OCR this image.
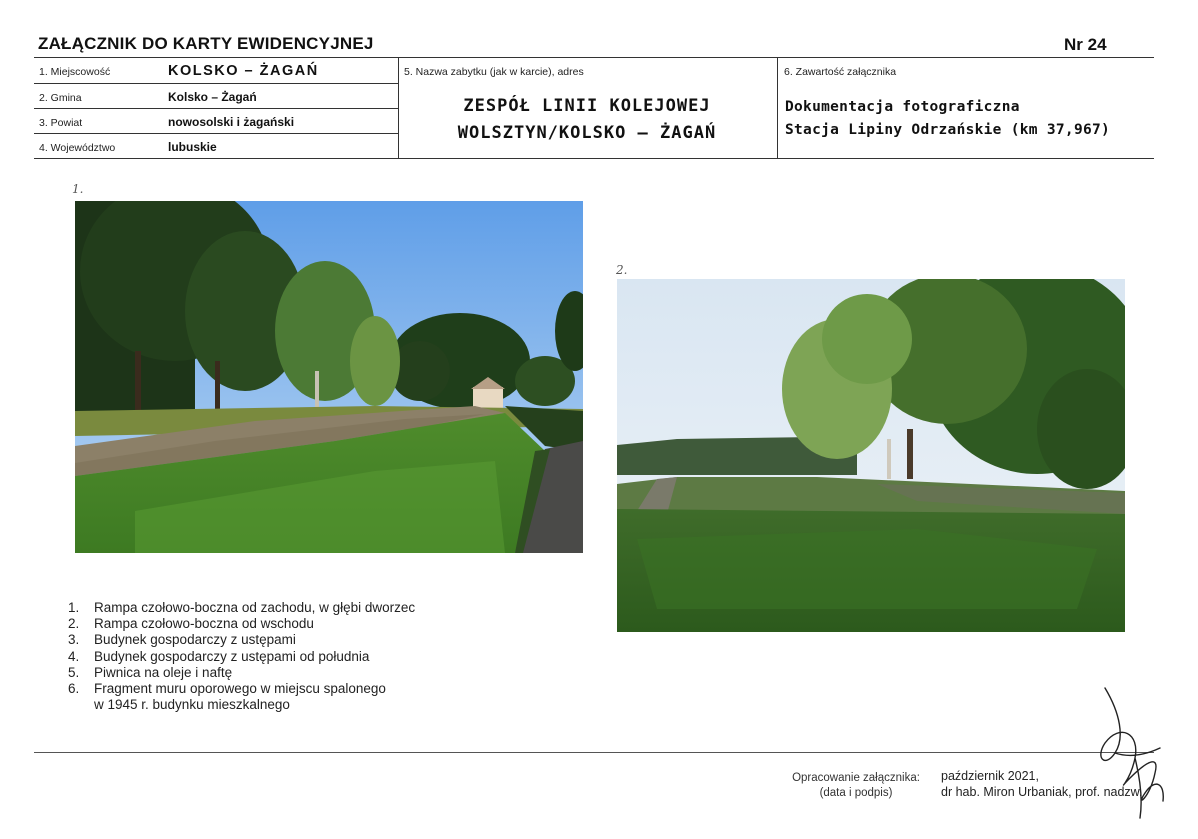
ZAŁĄCZNIK DO KARTY EWIDENCYJNEJ	Nr 24
1. Miejscowość	KOLSKO – ŻAGAŃ
2. Gmina	Kolsko – Żagań
3. Powiat	nowosolski i żagański
4. Województwo	lubuskie
5. Nazwa zabytku (jak w karcie), adres
ZESPÓŁ LINII KOLEJOWEJ
WOLSZTYN/KOLSKO – ŻAGAŃ
6. Zawartość załącznika
Dokumentacja fotograficzna
Stacja Lipiny Odrzańskie (km 37,967)
1.
2.
1.	Rampa czołowo-boczna od zachodu, w głębi dworzec
2.	Rampa czołowo-boczna od wschodu
3.	Budynek gospodarczy z ustępami
4.	Budynek gospodarczy z ustępami od południa
5.	Piwnica na oleje i naftę
6.	Fragment muru oporowego w miejscu spalonego
w 1945 r. budynku mieszkalnego
Opracowanie załącznika:
(data i podpis)
październik 2021,
dr hab. Miron Urbaniak, prof. nadzw.
